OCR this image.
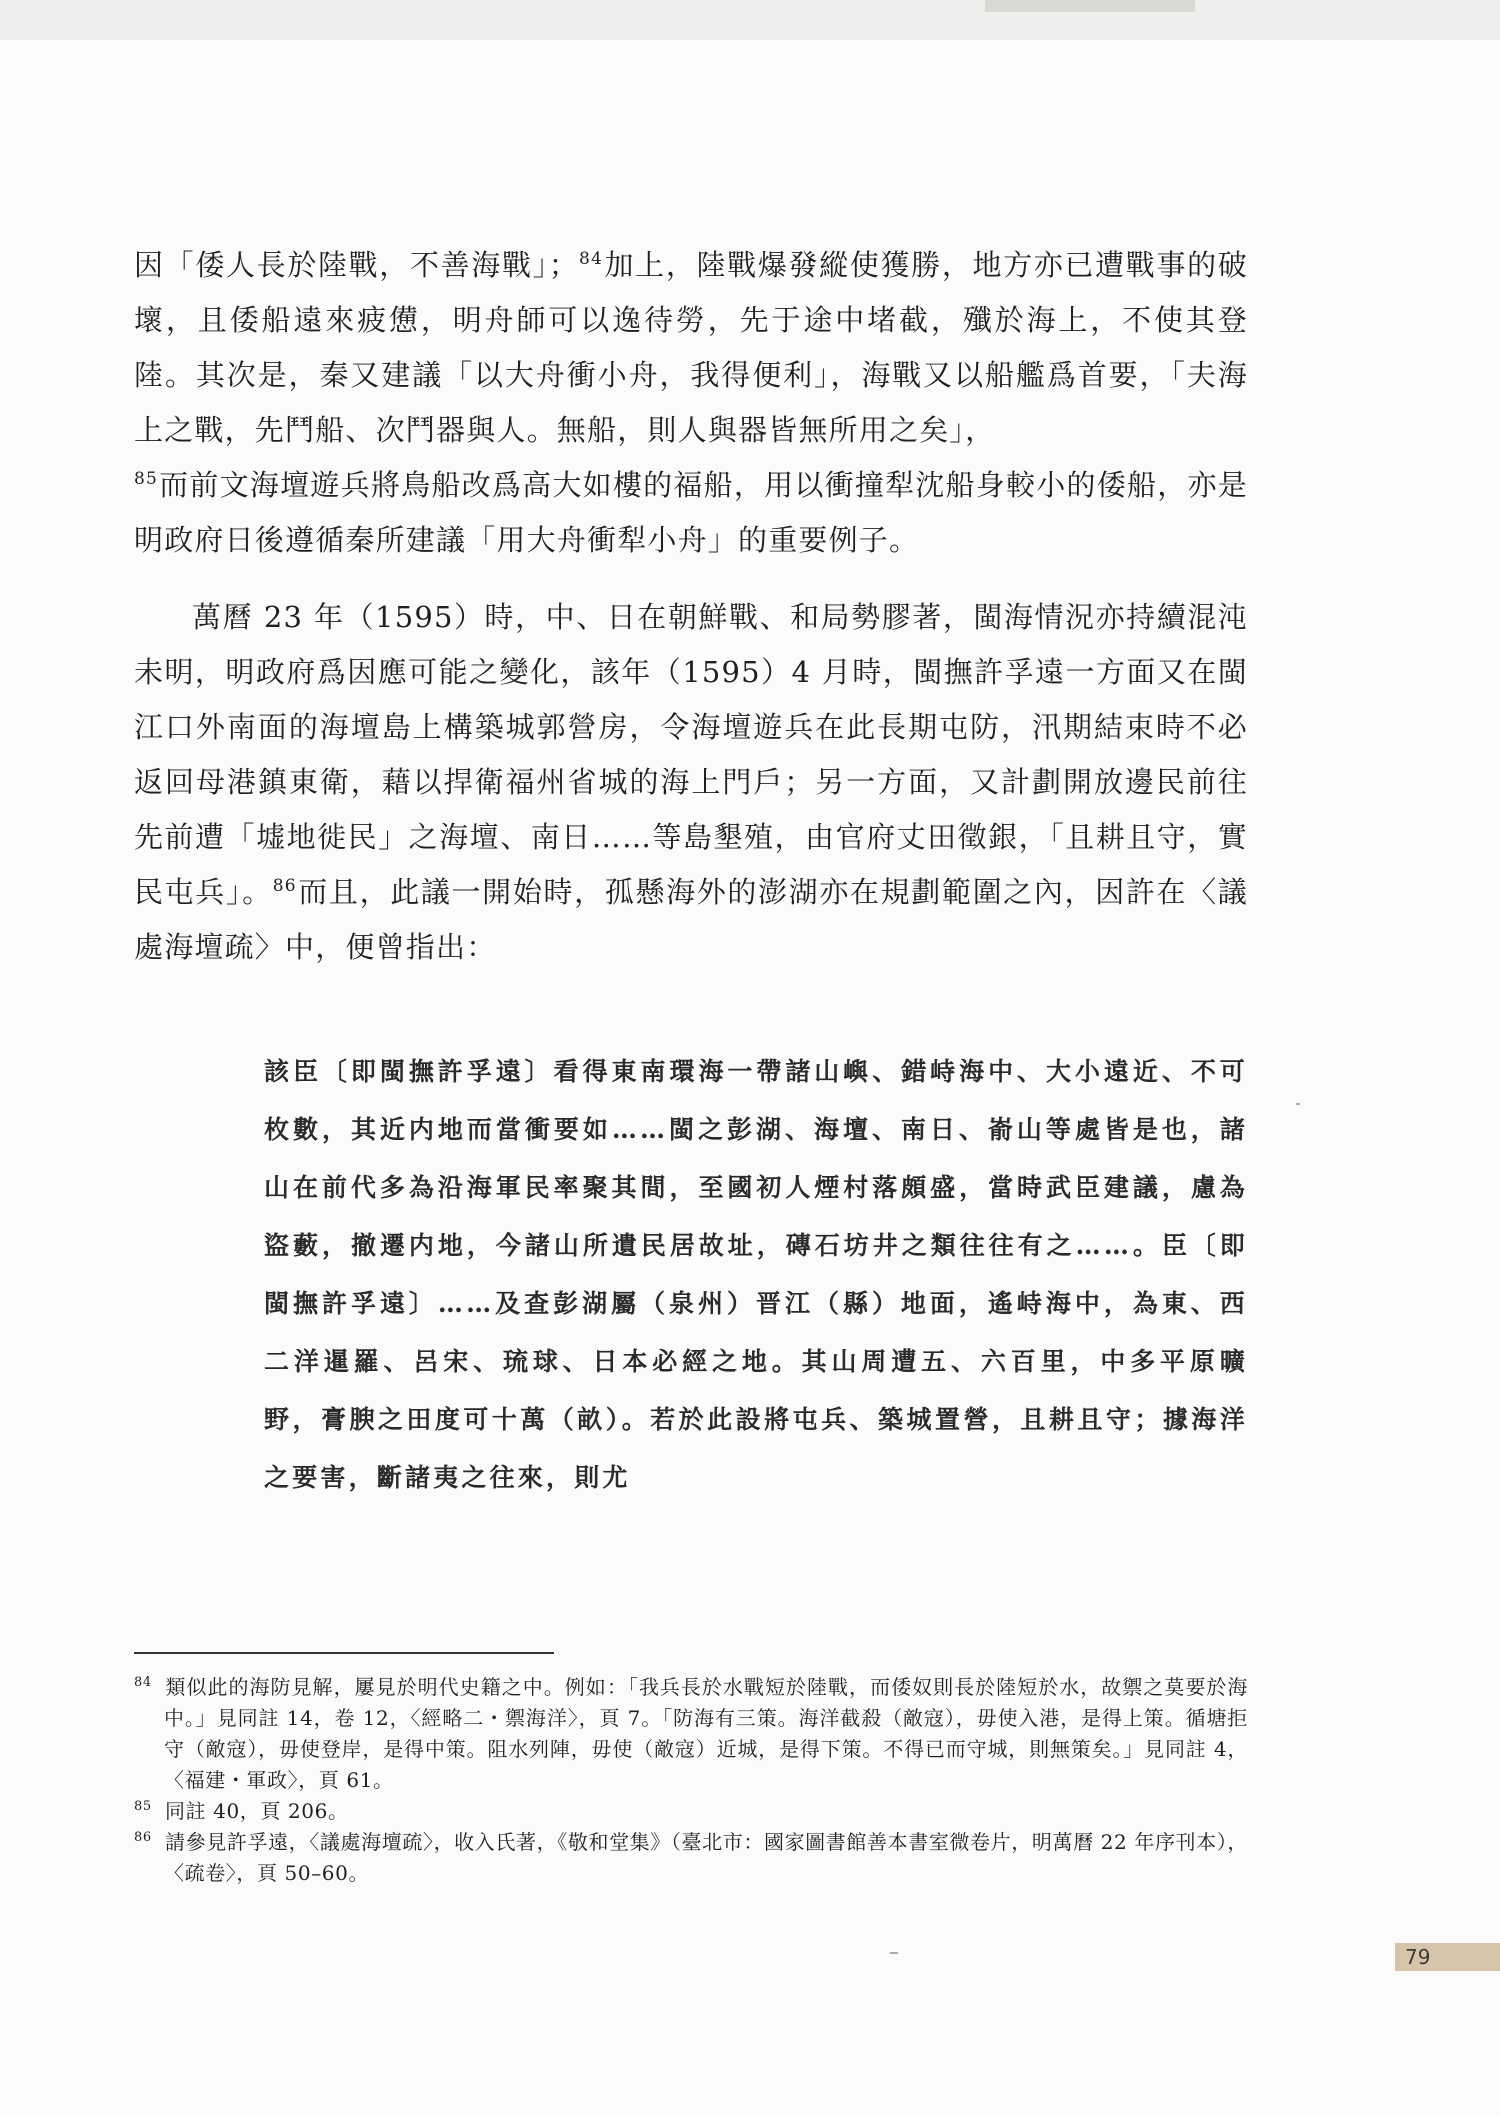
因「倭人長於陸戰，不善海戰」；$^{84}$加上，陸戰爆發縱使獲勝，地方亦已遭戰事的破壞，且倭船遠來疲憊，明舟師可以逸待勞，先于途中堵截，殲於海上，不使其登陸。其次是，秦又建議「以大舟衝小舟，我得便利」，海戰又以船艦爲首要，「夫海上之戰，先鬥船、次鬥器與人。無船，則人與器皆無所用之矣」，
$^{85}$而前文海壇遊兵將鳥船改爲高大如樓的福船，用以衝撞犁沈船身較小的倭船，亦是明政府日後遵循秦所建議「用大舟衝犁小舟」的重要例子。

萬曆 23 年（1595）時，中、日在朝鮮戰、和局勢膠著，閩海情況亦持續混沌未明，明政府爲因應可能之變化，該年（1595）4 月時，閩撫許孚遠一方面又在閩江口外南面的海壇島上構築城郭營房，令海壇遊兵在此長期屯防，汛期結束時不必返回母港鎮東衛，藉以捍衛福州省城的海上門戶；另一方面，又計劃開放邊民前往先前遭「墟地徙民」之海壇、南日……等島墾殖，由官府丈田徵銀，「且耕且守，實民屯兵」。$^{86}$而且，此議一開始時，孤懸海外的澎湖亦在規劃範圍之內，因許在〈議處海壇疏〉中，便曾指出：

該臣〔即閩撫許孚遠〕看得東南環海一帶諸山嶼、錯峙海中、大小遠近、不可枚數，其近内地而當衝要如……閩之彭湖、海壇、南日、嵛山等處皆是也，諸山在前代多為沿海軍民率聚其間，至國初人煙村落頗盛，當時武臣建議，慮為盜藪，撤遷内地，今諸山所遺民居故址，磚石坊井之類往往有之……。臣〔即閩撫許孚遠〕……及查彭湖屬（泉州）晋江（縣）地面，遙峙海中，為東、西二洋暹羅、呂宋、琉球、日本必經之地。其山周遭五、六百里，中多平原曠野，膏腴之田度可十萬（畝）。若於此設將屯兵、築城置營，且耕且守；據海洋之要害，斷諸夷之往來，則尤

$^{84}$ 類似此的海防見解，屢見於明代史籍之中。例如：「我兵長於水戰短於陸戰，而倭奴則長於陸短於水，故禦之莫要於海中。」見同註 14，卷 12，〈經略二・禦海洋〉，頁 7。「防海有三策。海洋截殺（敵寇），毋使入港，是得上策。循塘拒守（敵寇），毋使登岸，是得中策。阻水列陣，毋使（敵寇）近城，是得下策。不得已而守城，則無策矣。」見同註 4，〈福建・軍政〉，頁 61。

$^{85}$ 同註 40，頁 206。

$^{86}$ 請參見許孚遠，〈議處海壇疏〉，收入氏著，《敬和堂集》（臺北市：國家圖書館善本書室微卷片，明萬曆 22 年序刊本），〈疏卷〉，頁 50–60。

79
